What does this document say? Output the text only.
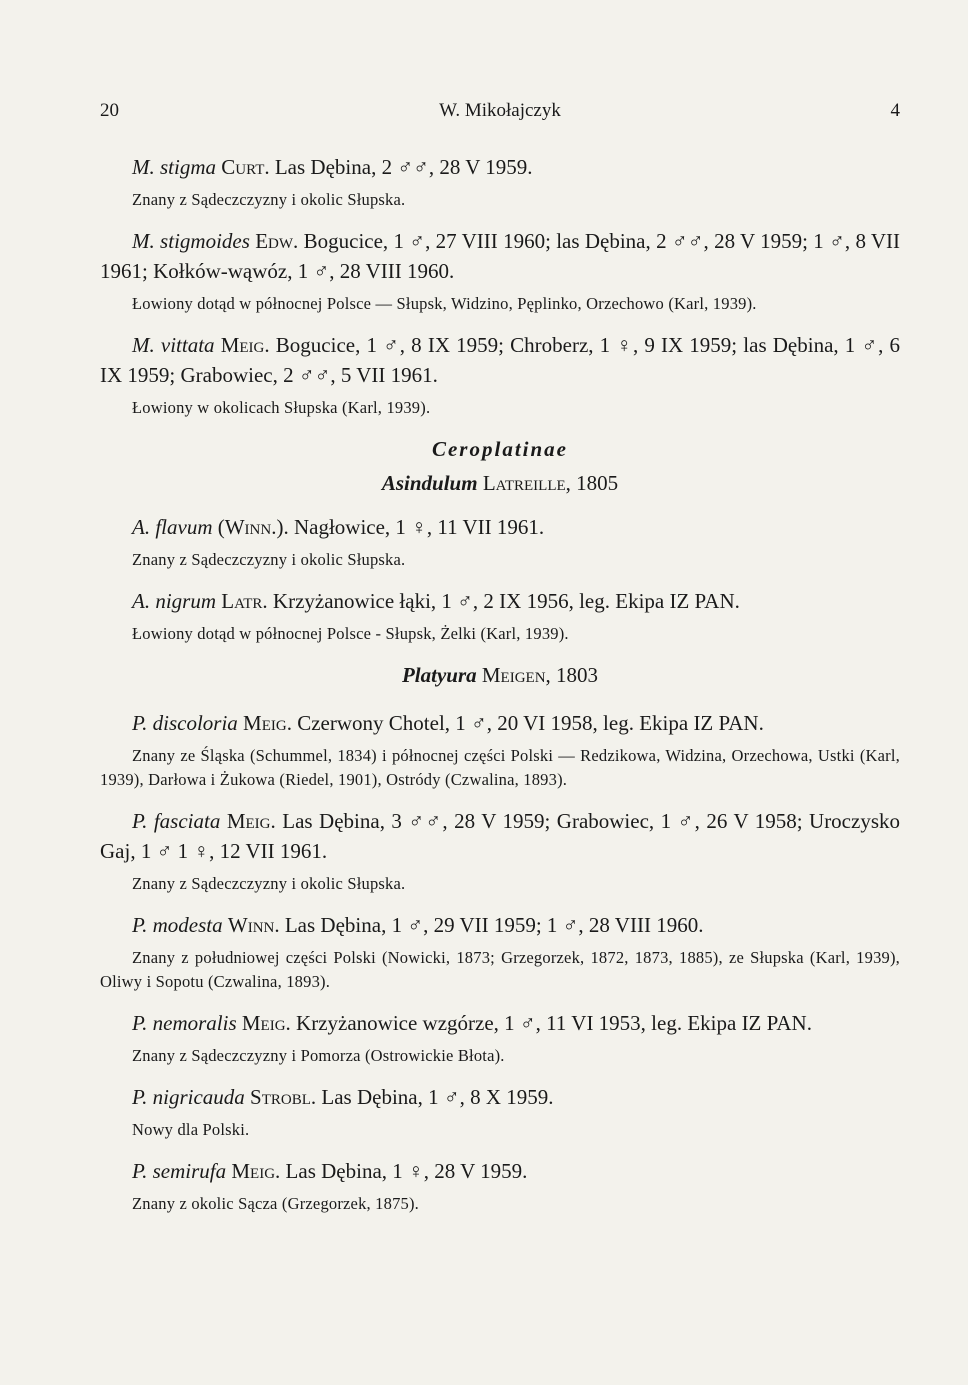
20	W. Mikołajczyk	4

M. stigma Curt. Las Dębina, 2 ♂♂, 28 V 1959.

Znany z Sądeczczyzny i okolic Słupska.

M. stigmoides Edw. Bogucice, 1 ♂, 27 VIII 1960; las Dębina, 2 ♂♂, 28 V 1959; 1 ♂, 8 VII 1961; Kołków-wąwóz, 1 ♂, 28 VIII 1960.

Łowiony dotąd w północnej Polsce — Słupsk, Widzino, Pęplinko, Orzechowo (Karl, 1939).

M. vittata Meig. Bogucice, 1 ♂, 8 IX 1959; Chroberz, 1 ♀, 9 IX 1959; las Dębina, 1 ♂, 6 IX 1959; Grabowiec, 2 ♂♂, 5 VII 1961.

Łowiony w okolicach Słupska (Karl, 1939).

Ceroplatinae
Asindulum Latreille, 1805

A. flavum (Winn.). Nagłowice, 1 ♀, 11 VII 1961.

Znany z Sądeczczyzny i okolic Słupska.

A. nigrum Latr. Krzyżanowice łąki, 1 ♂, 2 IX 1956, leg. Ekipa IZ PAN.

Łowiony dotąd w północnej Polsce - Słupsk, Żelki (Karl, 1939).

Platyura Meigen, 1803

P. discoloria Meig. Czerwony Chotel, 1 ♂, 20 VI 1958, leg. Ekipa IZ PAN.

Znany ze Śląska (Schummel, 1834) i północnej części Polski — Redzikowa, Widzina, Orzechowa, Ustki (Karl, 1939), Darłowa i Żukowa (Riedel, 1901), Ostródy (Czwalina, 1893).

P. fasciata Meig. Las Dębina, 3 ♂♂, 28 V 1959; Grabowiec, 1 ♂, 26 V 1958; Uroczysko Gaj, 1 ♂ 1 ♀, 12 VII 1961.

Znany z Sądeczczyzny i okolic Słupska.

P. modesta Winn. Las Dębina, 1 ♂, 29 VII 1959; 1 ♂, 28 VIII 1960.

Znany z południowej części Polski (Nowicki, 1873; Grzegorzek, 1872, 1873, 1885), ze Słupska (Karl, 1939), Oliwy i Sopotu (Czwalina, 1893).

P. nemoralis Meig. Krzyżanowice wzgórze, 1 ♂, 11 VI 1953, leg. Ekipa IZ PAN.

Znany z Sądeczczyzny i Pomorza (Ostrowickie Błota).

P. nigricauda Strobl. Las Dębina, 1 ♂, 8 X 1959.

Nowy dla Polski.

P. semirufa Meig. Las Dębina, 1 ♀, 28 V 1959.

Znany z okolic Sącza (Grzegorzek, 1875).
